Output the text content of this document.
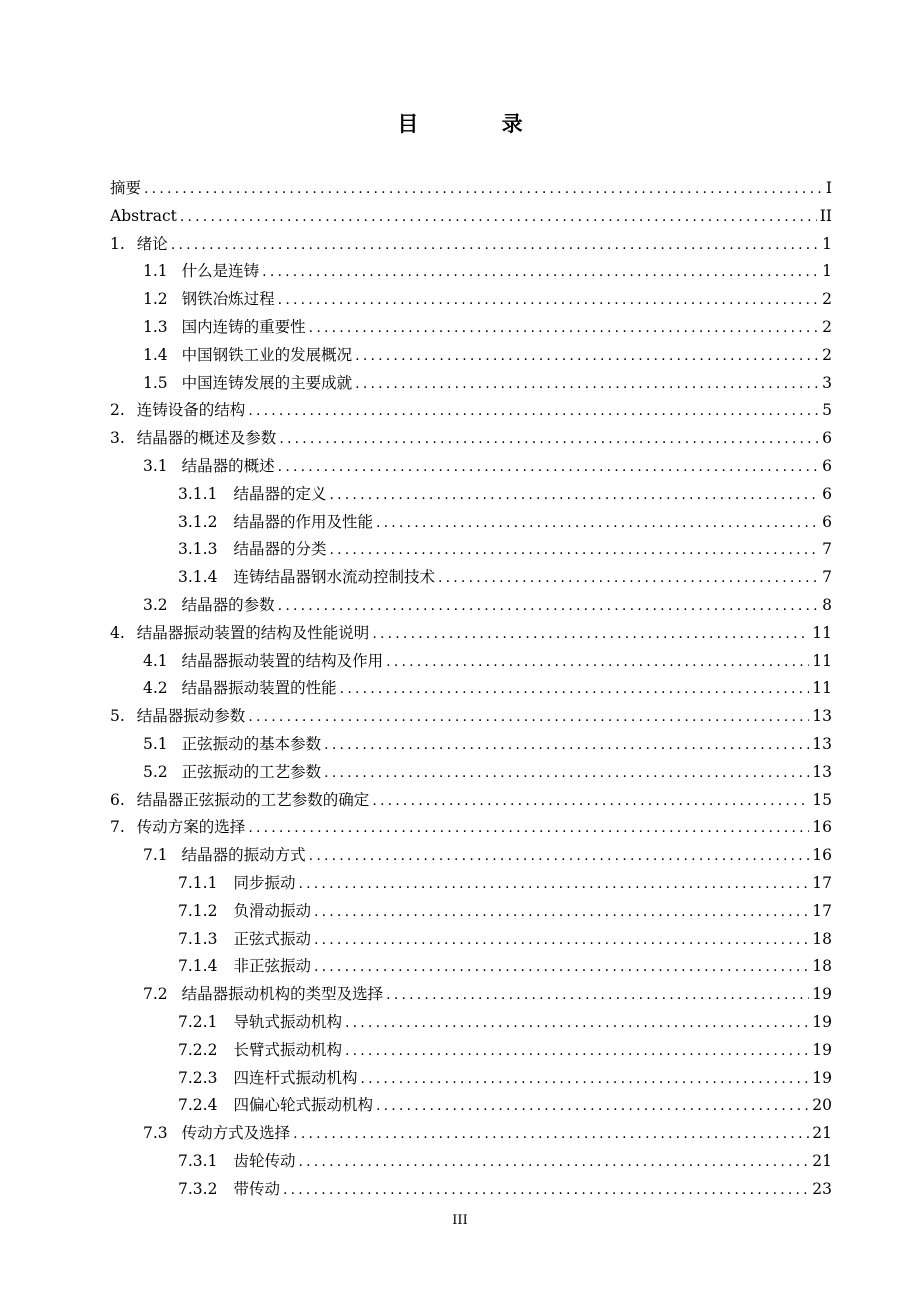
目 录
摘要 .....	I
Abstract .....	II
1. 绪论 .....	1
1.1 什么是连铸 .....	1
1.2 钢铁冶炼过程 .....	2
1.3 国内连铸的重要性 .....	2
1.4 中国钢铁工业的发展概况 .....	2
1.5 中国连铸发展的主要成就 .....	3
2. 连铸设备的结构 .....	5
3. 结晶器的概述及参数 .....	6
3.1 结晶器的概述 .....	6
3.1.1 结晶器的定义 .....	6
3.1.2 结晶器的作用及性能 .....	6
3.1.3 结晶器的分类 .....	7
3.1.4 连铸结晶器钢水流动控制技术 .....	7
3.2 结晶器的参数 .....	8
4. 结晶器振动装置的结构及性能说明 .....	11
4.1 结晶器振动装置的结构及作用 .....	11
4.2 结晶器振动装置的性能 .....	11
5. 结晶器振动参数 .....	13
5.1 正弦振动的基本参数 .....	13
5.2 正弦振动的工艺参数 .....	13
6. 结晶器正弦振动的工艺参数的确定 .....	15
7. 传动方案的选择 .....	16
7.1 结晶器的振动方式 .....	16
7.1.1 同步振动 .....	17
7.1.2 负滑动振动 .....	17
7.1.3 正弦式振动 .....	18
7.1.4 非正弦振动 .....	18
7.2 结晶器振动机构的类型及选择 .....	19
7.2.1 导轨式振动机构 .....	19
7.2.2 长臂式振动机构 .....	19
7.2.3 四连杆式振动机构 .....	19
7.2.4 四偏心轮式振动机构 .....	20
7.3 传动方式及选择 .....	21
7.3.1 齿轮传动 .....	21
7.3.2 带传动 .....	23
III
